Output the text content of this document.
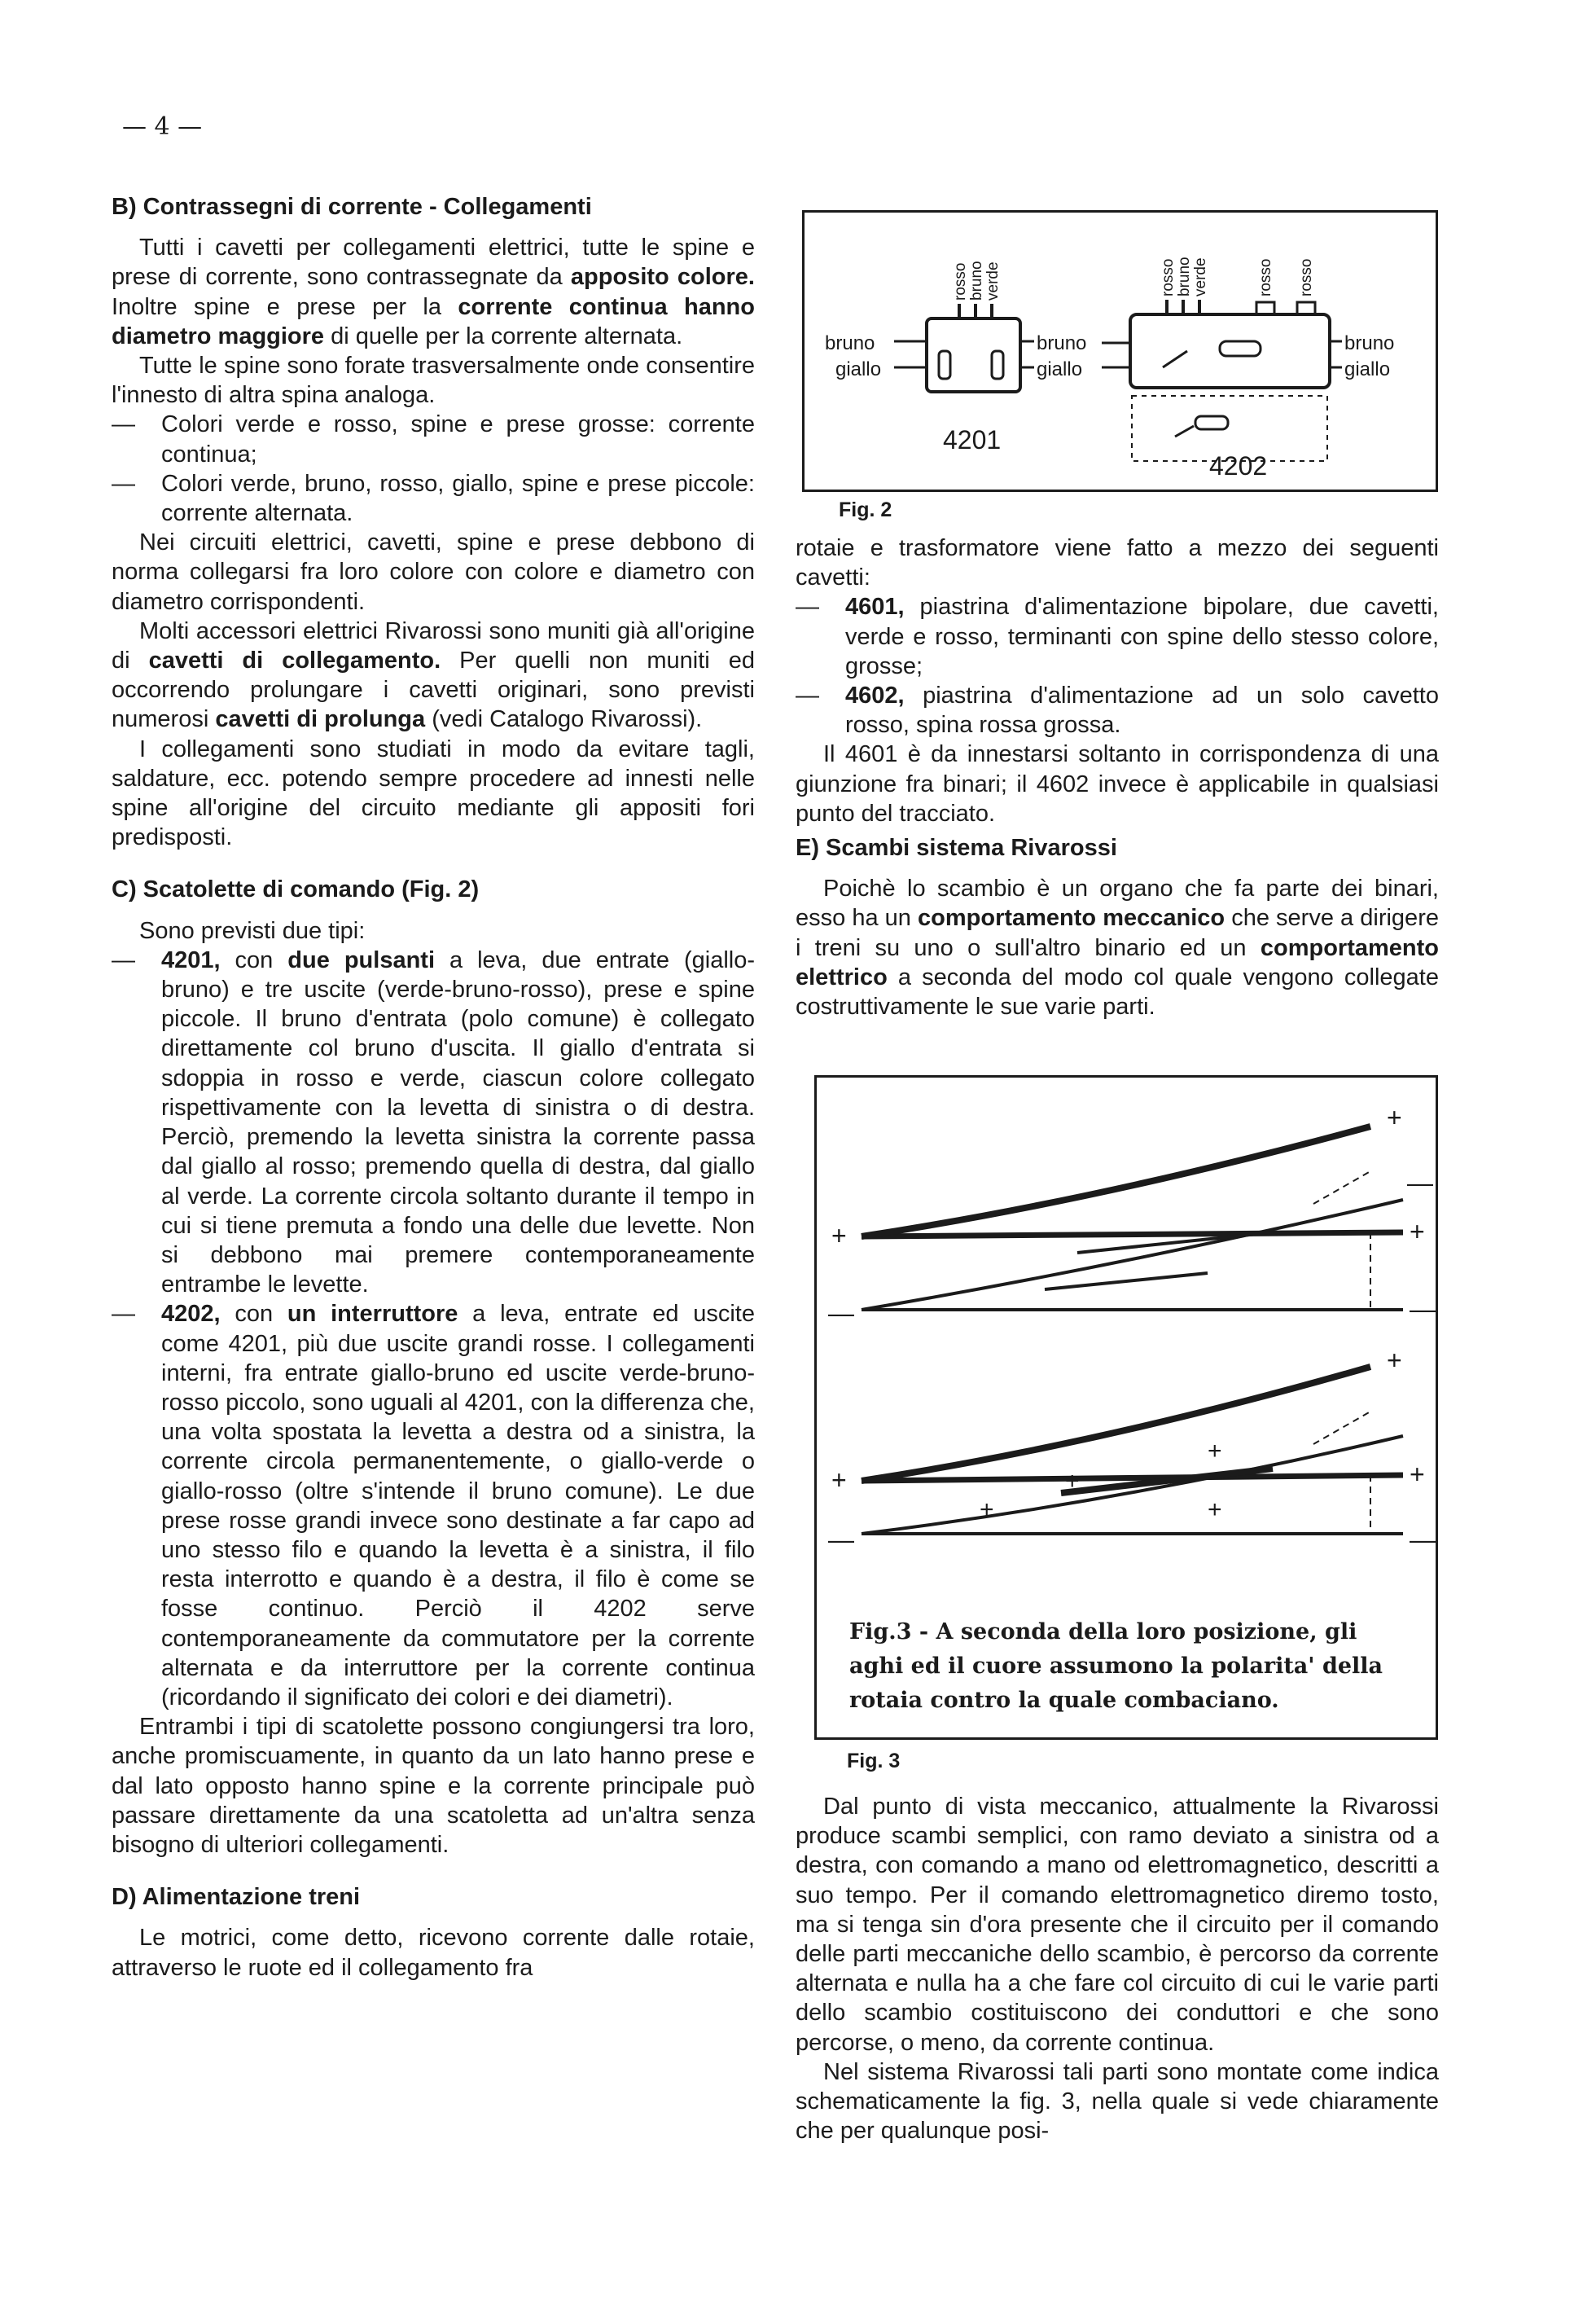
— 4 —
B) Contrassegni di corrente - Collegamenti

Tutti i cavetti per collegamenti elettrici, tutte le spine e prese di corrente, sono contrassegnate da apposito colore. Inoltre spine e prese per la corrente continua hanno diametro maggiore di quelle per la corrente alternata.

Tutte le spine sono forate trasversalmente onde consentire l'innesto di altra spina analoga.

— Colori verde e rosso, spine e prese grosse: corrente continua;
— Colori verde, bruno, rosso, giallo, spine e prese piccole: corrente alternata.

Nei circuiti elettrici, cavetti, spine e prese debbono di norma collegarsi fra loro colore con colore e diametro con diametro corrispondenti.

Molti accessori elettrici Rivarossi sono muniti già all'origine di cavetti di collegamento. Per quelli non muniti ed occorrendo prolungare i cavetti originari, sono previsti numerosi cavetti di prolunga (vedi Catalogo Rivarossi).

I collegamenti sono studiati in modo da evitare tagli, saldature, ecc. potendo sempre procedere ad innesti nelle spine all'origine del circuito mediante gli appositi fori predisposti.

C) Scatolette di comando (Fig. 2)

Sono previsti due tipi:

— 4201, con due pulsanti a leva, due entrate (giallo-bruno) e tre uscite (verde-bruno-rosso), prese e spine piccole. Il bruno d'entrata (polo comune) è collegato direttamente col bruno d'uscita. Il giallo d'entrata si sdoppia in rosso e verde, ciascun colore collegato rispettivamente con la levetta di sinistra o di destra. Perciò, premendo la levetta sinistra la corrente passa dal giallo al rosso; premendo quella di destra, dal giallo al verde. La corrente circola soltanto durante il tempo in cui si tiene premuta a fondo una delle due levette. Non si debbono mai premere contemporaneamente entrambe le levette.
— 4202, con un interruttore a leva, entrate ed uscite come 4201, più due uscite grandi rosse. I collegamenti interni, fra entrate giallo-bruno ed uscite verde-bruno-rosso piccolo, sono uguali al 4201, con la differenza che, una volta spostata la levetta a destra od a sinistra, la corrente circola permanentemente, o giallo-verde o giallo-rosso (oltre s'intende il bruno comune). Le due prese rosse grandi invece sono destinate a far capo ad uno stesso filo e quando la levetta è a sinistra, il filo resta interrotto e quando è a destra, il filo è come se fosse continuo. Perciò il 4202 serve contemporaneamente da commutatore per la corrente alternata e da interruttore per la corrente continua (ricordando il significato dei colori e dei diametri).

Entrambi i tipi di scatolette possono congiungersi tra loro, anche promiscuamente, in quanto da un lato hanno prese e dal lato opposto hanno spine e la corrente principale può passare direttamente da una scatoletta ad un'altra senza bisogno di ulteriori collegamenti.

D) Alimentazione treni

Le motrici, come detto, ricevono corrente dalle rotaie, attraverso le ruote ed il collegamento fra

bruno
giallo
bruno
giallo
bruno
giallo
4201
4202
rosso bruno verde	rosso bruno verde	rosso rosso
Fig. 2

rotaie e trasformatore viene fatto a mezzo dei seguenti cavetti:

— 4601, piastrina d'alimentazione bipolare, due cavetti, verde e rosso, terminanti con spine dello stesso colore, grosse;
— 4602, piastrina d'alimentazione ad un solo cavetto rosso, spina rossa grossa.

Il 4601 è da innestarsi soltanto in corrispondenza di una giunzione fra binari; il 4602 invece è applicabile in qualsiasi punto del tracciato.

E) Scambi sistema Rivarossi

Poichè lo scambio è un organo che fa parte dei binari, esso ha un comportamento meccanico che serve a dirigere i treni su uno o sull'altro binario ed un comportamento elettrico a seconda del modo col quale vengono collegate costruttivamente le sue varie parti.

+
—
+
—
+
—
+
—
+
+
—
+
+
+
+
Fig.3 - A seconda della loro posizione, gli aghi ed il cuore assumono la polarita' della rotaia contro la quale combaciano.
Fig. 3

Dal punto di vista meccanico, attualmente la Rivarossi produce scambi semplici, con ramo deviato a sinistra od a destra, con comando a mano od elettromagnetico, descritti a suo tempo. Per il comando elettromagnetico diremo tosto, ma si tenga sin d'ora presente che il circuito per il comando delle parti meccaniche dello scambio, è percorso da corrente alternata e nulla ha a che fare col circuito di cui le varie parti dello scambio costituiscono dei conduttori e che sono percorse, o meno, da corrente continua.

Nel sistema Rivarossi tali parti sono montate come indica schematicamente la fig. 3, nella quale si vede chiaramente che per qualunque posi-
